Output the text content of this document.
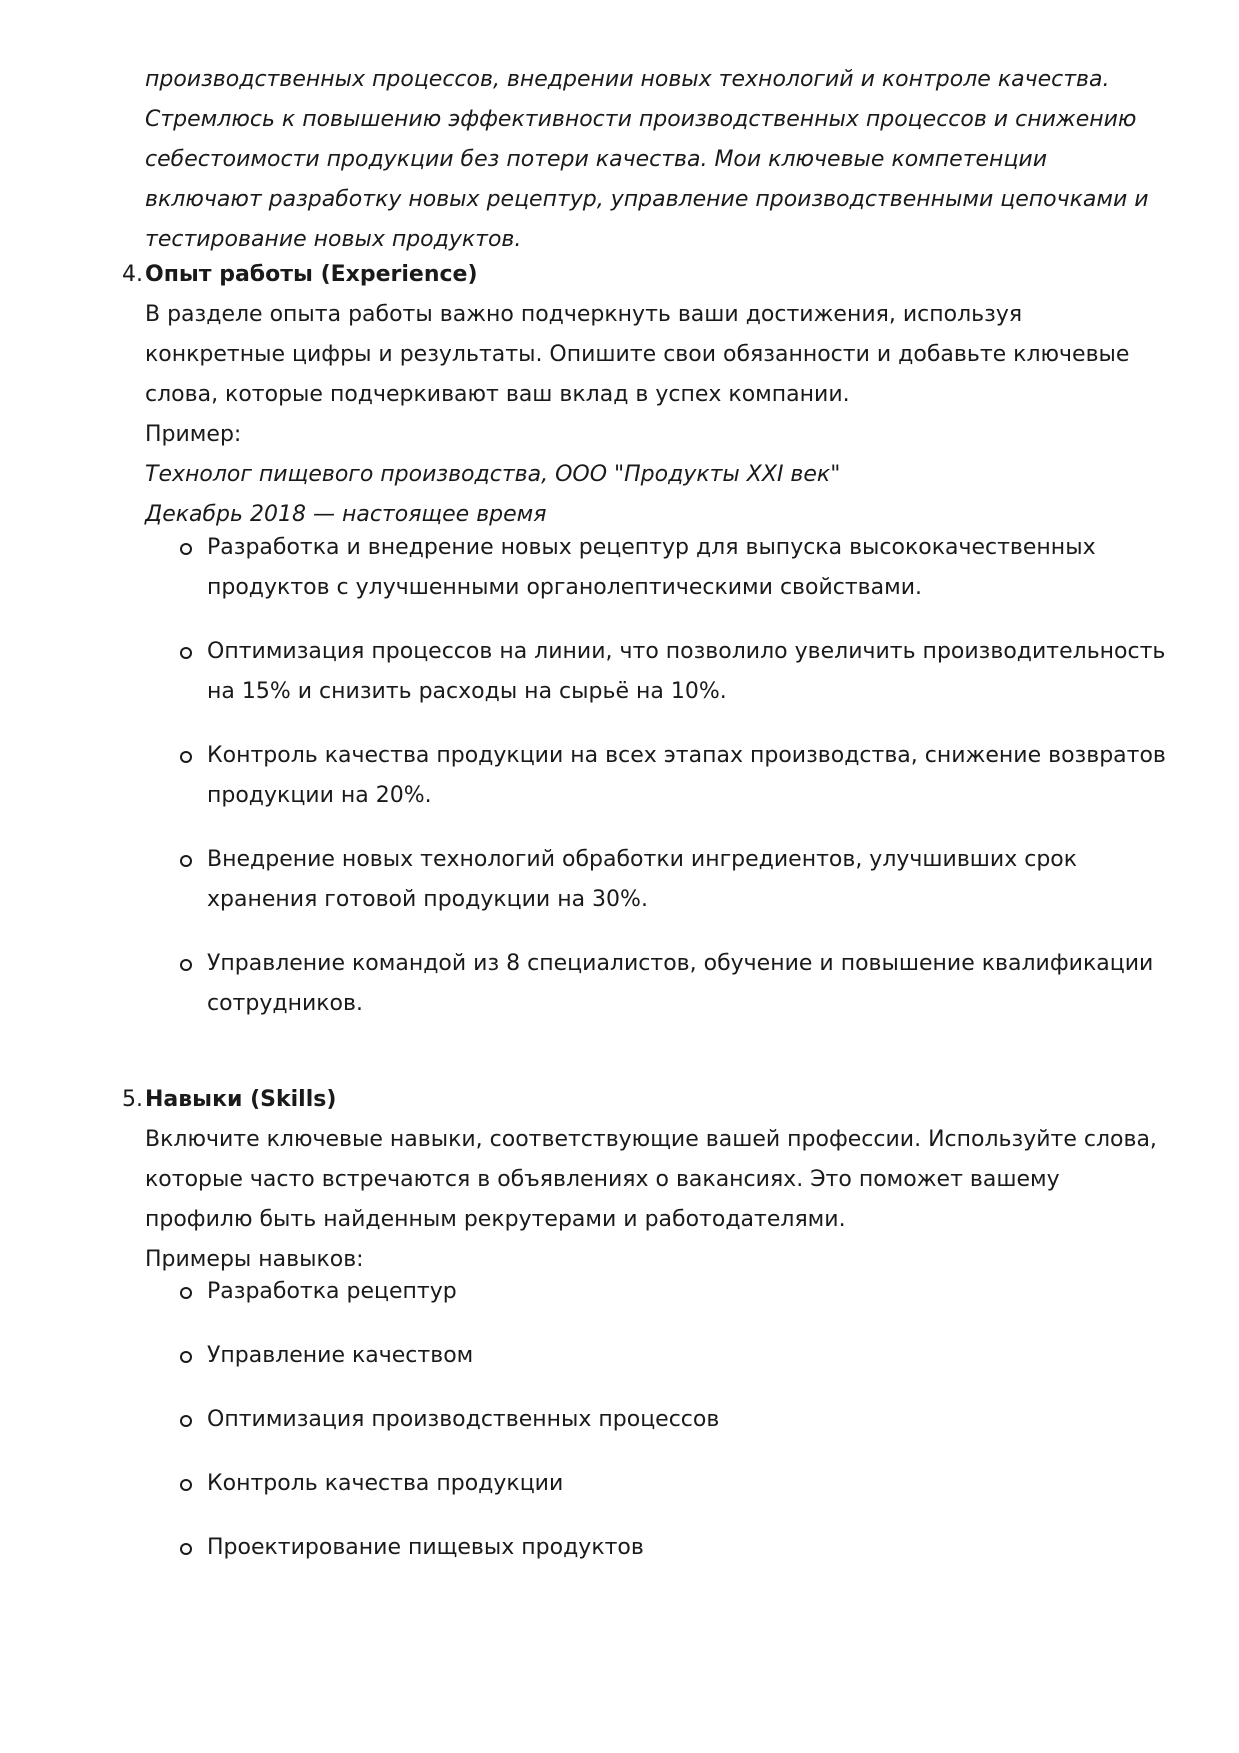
производственных процессов, внедрении новых технологий и контроле качества. Стремлюсь к повышению эффективности производственных процессов и снижению себестоимости продукции без потери качества. Мои ключевые компетенции включают разработку новых рецептур, управление производственными цепочками и тестирование новых продуктов.

4. Опыт работы (Experience)

В разделе опыта работы важно подчеркнуть ваши достижения, используя конкретные цифры и результаты. Опишите свои обязанности и добавьте ключевые слова, которые подчеркивают ваш вклад в успех компании.

Пример:

Технолог пищевого производства, ООО "Продукты XXI век"

Декабрь 2018 — настоящее время

Разработка и внедрение новых рецептур для выпуска высококачественных продуктов с улучшенными органолептическими свойствами.
Оптимизация процессов на линии, что позволило увеличить производительность на 15% и снизить расходы на сырьё на 10%.
Контроль качества продукции на всех этапах производства, снижение возвратов продукции на 20%.
Внедрение новых технологий обработки ингредиентов, улучшивших срок хранения готовой продукции на 30%.
Управление командой из 8 специалистов, обучение и повышение квалификации сотрудников.
5. Навыки (Skills)

Включите ключевые навыки, соответствующие вашей профессии. Используйте слова, которые часто встречаются в объявлениях о вакансиях. Это поможет вашему профилю быть найденным рекрутерами и работодателями.

Примеры навыков:

Разработка рецептур
Управление качеством
Оптимизация производственных процессов
Контроль качества продукции
Проектирование пищевых продуктов
